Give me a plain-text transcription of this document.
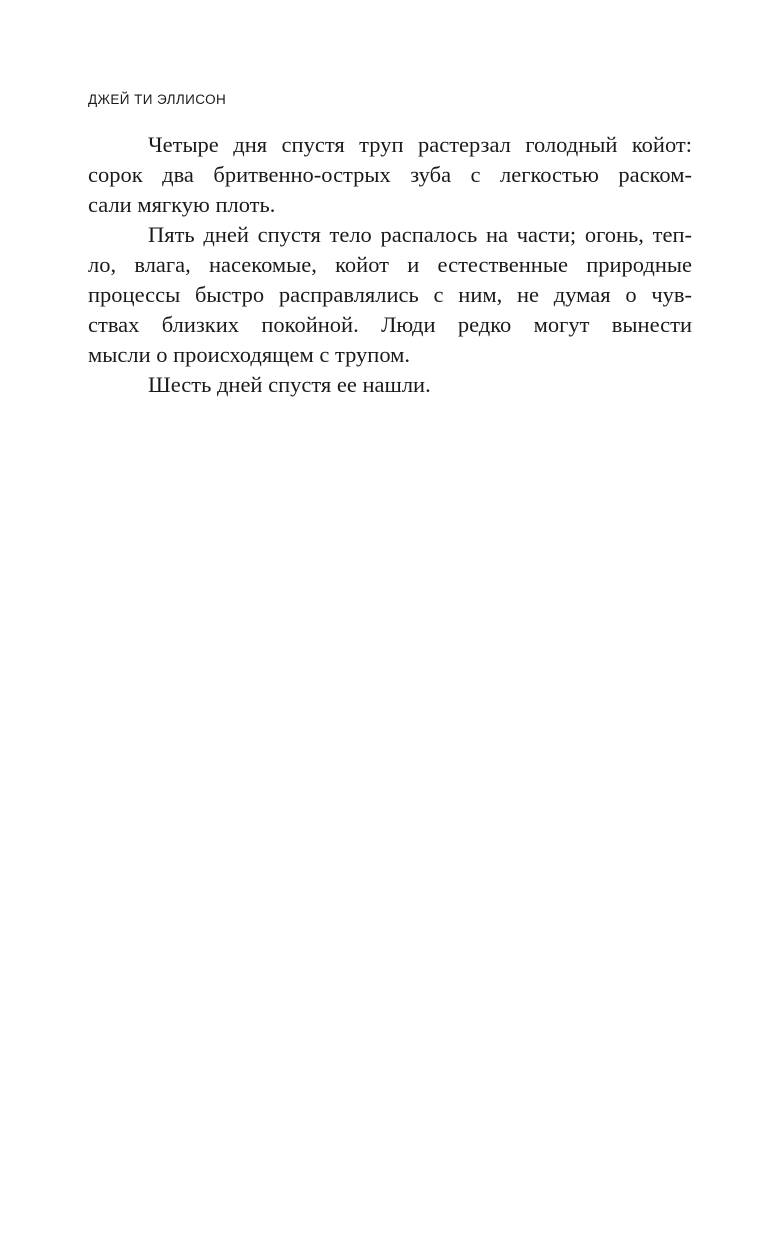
ДЖЕЙ ТИ ЭЛЛИСОН
Четыре дня спустя труп растерзал голодный койот:
сорок два бритвенно-острых зуба с легкостью раском-
сали мягкую плоть.
Пять дней спустя тело распалось на части; огонь, теп-
ло, влага, насекомые, койот и естественные природные
процессы быстро расправлялись с ним, не думая о чув-
ствах близких покойной. Люди редко могут вынести
мысли о происходящем с трупом.
Шесть дней спустя ее нашли.
